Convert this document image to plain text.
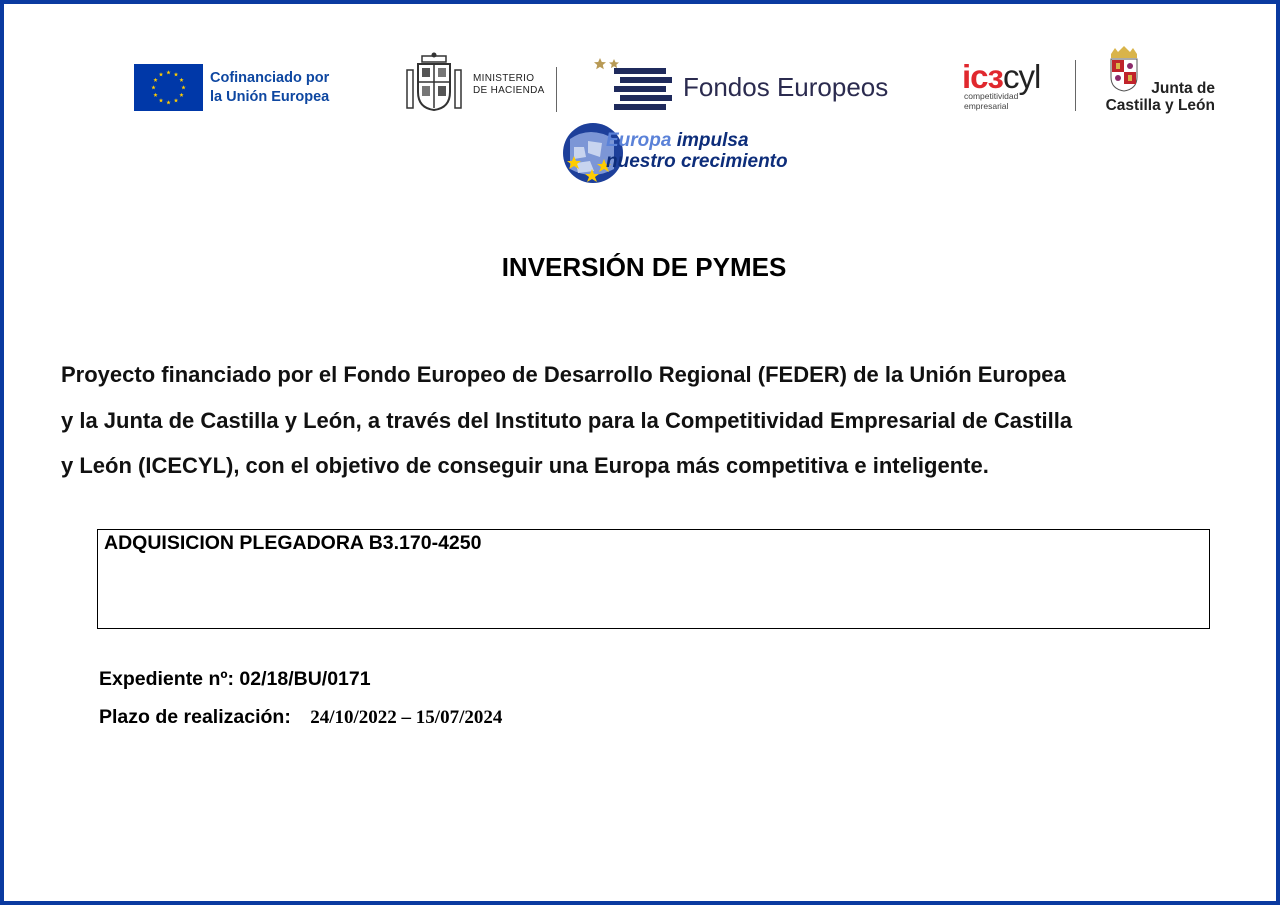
Cofinanciado por
la Unión Europea
MINISTERIO
DE HACIENDA	Fondos Europeos icɜcyl
competitividad
empresarial
Junta de
Castilla y León
Europa impulsa
nuestro crecimiento
INVERSIÓN DE PYMES
Proyecto financiado por el Fondo Europeo de Desarrollo Regional (FEDER) de la Unión Europea
y la Junta de Castilla y León, a través del Instituto para la Competitividad Empresarial de Castilla
y León (ICECYL), con el objetivo de conseguir una Europa más competitiva e inteligente.
ADQUISICION PLEGADORA B3.170-4250
Expediente nº: 02/18/BU/0171
Plazo de realización: 24/10/2022 – 15/07/2024
